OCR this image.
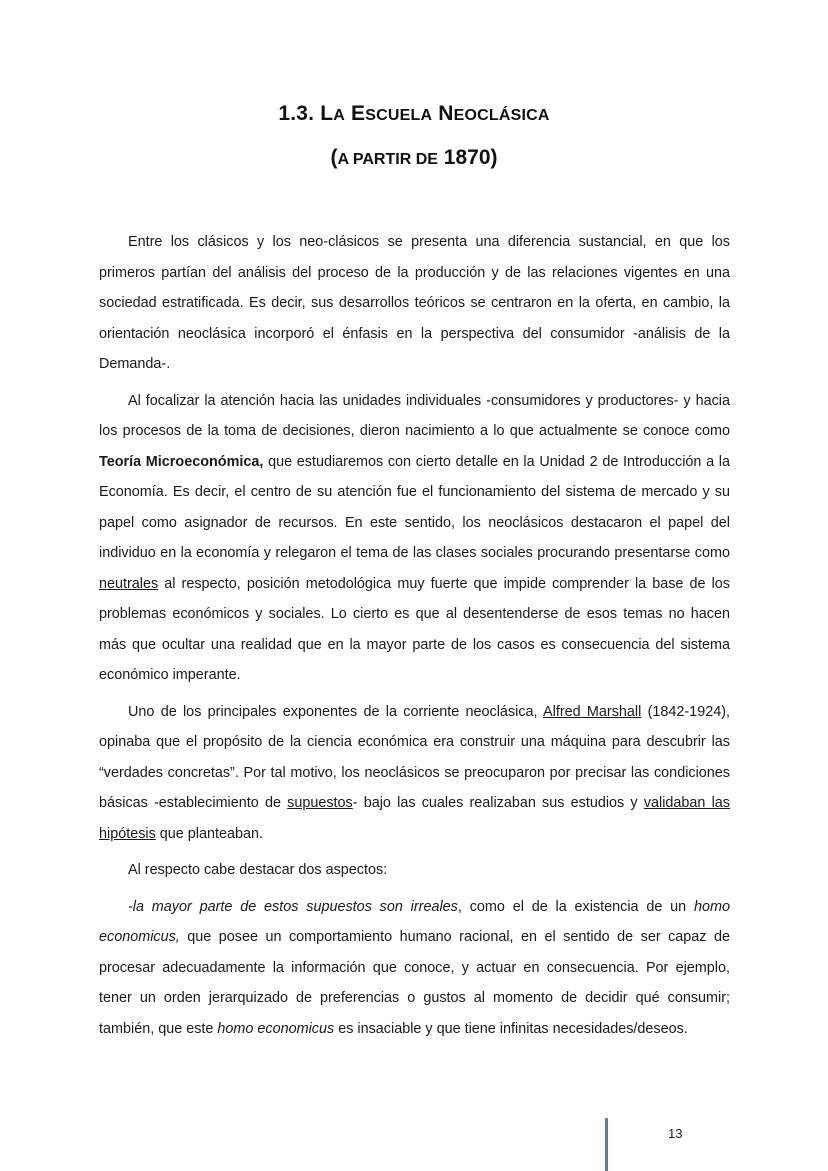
1.3. LA ESCUELA NEOCLÁSICA
(A PARTIR DE 1870)

Entre los clásicos y los neo-clásicos se presenta una diferencia sustancial, en que los primeros partían del análisis del proceso de la producción y de las relaciones vigentes en una sociedad estratificada. Es decir, sus desarrollos teóricos se centraron en la oferta, en cambio, la orientación neoclásica incorporó el énfasis en la perspectiva del consumidor -análisis de la Demanda-.

Al focalizar la atención hacia las unidades individuales -consumidores y productores- y hacia los procesos de la toma de decisiones, dieron nacimiento a lo que actualmente se conoce como Teoría Microeconómica, que estudiaremos con cierto detalle en la Unidad 2 de Introducción a la Economía. Es decir, el centro de su atención fue el funcionamiento del sistema de mercado y su papel como asignador de recursos. En este sentido, los neoclásicos destacaron el papel del individuo en la economía y relegaron el tema de las clases sociales procurando presentarse como neutrales al respecto, posición metodológica muy fuerte que impide comprender la base de los problemas económicos y sociales. Lo cierto es que al desentenderse de esos temas no hacen más que ocultar una realidad que en la mayor parte de los casos es consecuencia del sistema económico imperante.

Uno de los principales exponentes de la corriente neoclásica, Alfred Marshall (1842-1924), opinaba que el propósito de la ciencia económica era construir una máquina para descubrir las “verdades concretas”. Por tal motivo, los neoclásicos se preocuparon por precisar las condiciones básicas -establecimiento de supuestos- bajo las cuales realizaban sus estudios y validaban las hipótesis que planteaban.

Al respecto cabe destacar dos aspectos:

-la mayor parte de estos supuestos son irreales, como el de la existencia de un homo economicus, que posee un comportamiento humano racional, en el sentido de ser capaz de procesar adecuadamente la información que conoce, y actuar en consecuencia. Por ejemplo, tener un orden jerarquizado de preferencias o gustos al momento de decidir qué consumir; también, que este homo economicus es insaciable y que tiene infinitas necesidades/deseos.

13
